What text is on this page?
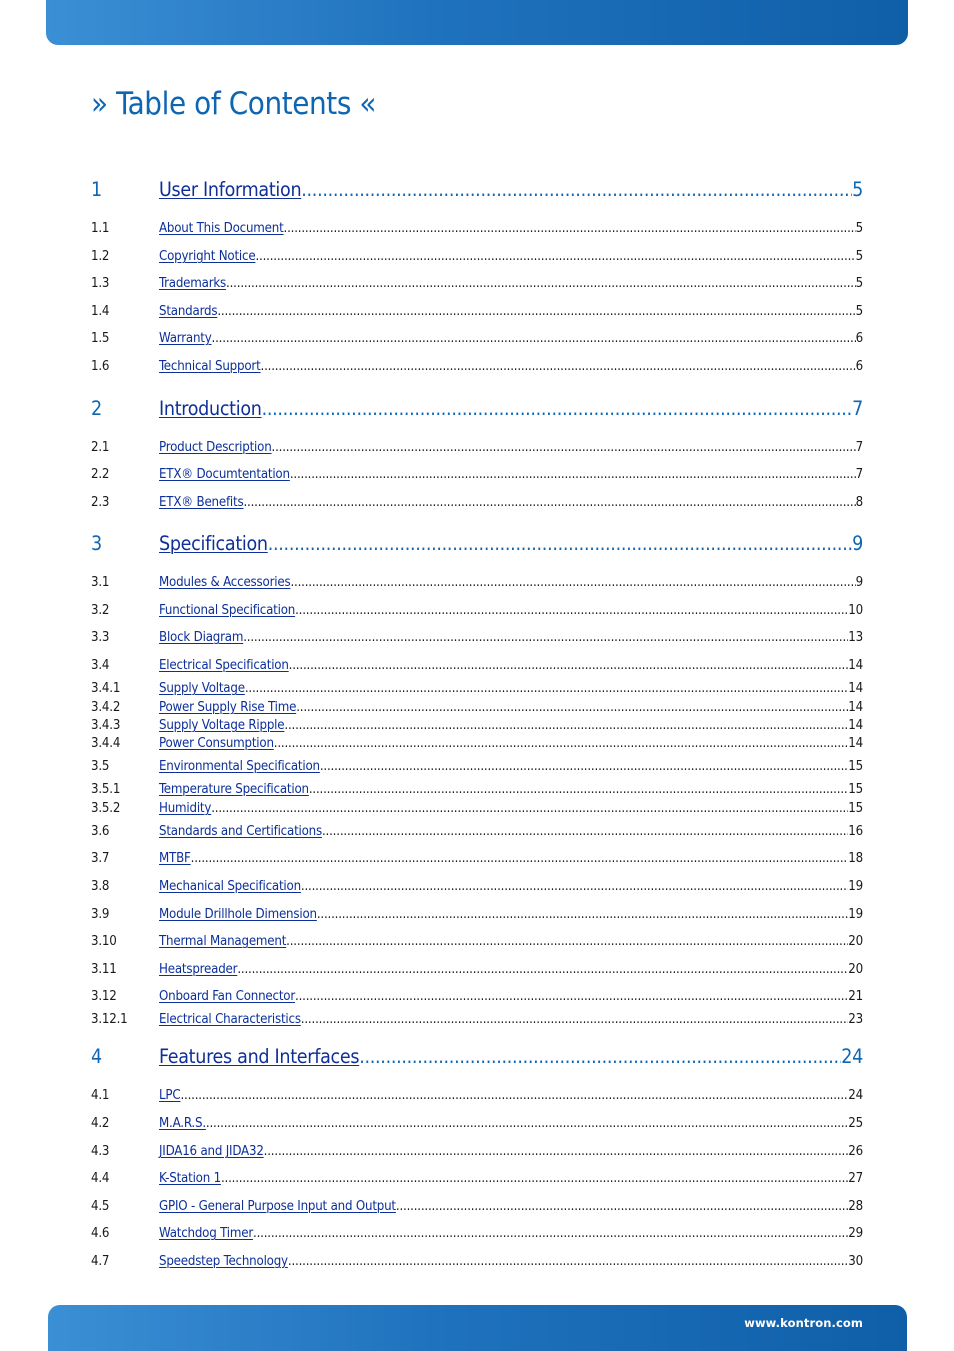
» Table of Contents «
1	User Information .....	5
1.1	About This Document .....	5
1.2	Copyright Notice .....	5
1.3	Trademarks .....	5
1.4	Standards .....	5
1.5	Warranty .....	6
1.6	Technical Support .....	6
2	Introduction .....	7
2.1	Product Description .....	7
2.2	ETX® Documtentation .....	7
2.3	ETX® Benefits .....	8
3	Specification .....	9
3.1	Modules & Accessories .....	9
3.2	Functional Specification .....	10
3.3	Block Diagram .....	13
3.4	Electrical Specification .....	14
3.4.1	Supply Voltage .....	14
3.4.2	Power Supply Rise Time .....	14
3.4.3	Supply Voltage Ripple .....	14
3.4.4	Power Consumption .....	14
3.5	Environmental Specification .....	15
3.5.1	Temperature Specification .....	15
3.5.2	Humidity .....	15
3.6	Standards and Certifications .....	16
3.7	MTBF .....	18
3.8	Mechanical Specification .....	19
3.9	Module Drillhole Dimension .....	19
3.10	Thermal Management .....	20
3.11	Heatspreader .....	20
3.12	Onboard Fan Connector .....	21
3.12.1	Electrical Characteristics .....	23
4	Features and Interfaces .....	24
4.1	LPC .....	24
4.2	M.A.R.S. .....	25
4.3	JIDA16 and JIDA32 .....	26
4.4	K-Station 1 .....	27
4.5	GPIO - General Purpose Input and Output .....	28
4.6	Watchdog Timer .....	29
4.7	Speedstep Technology .....	30
www.kontron.com
